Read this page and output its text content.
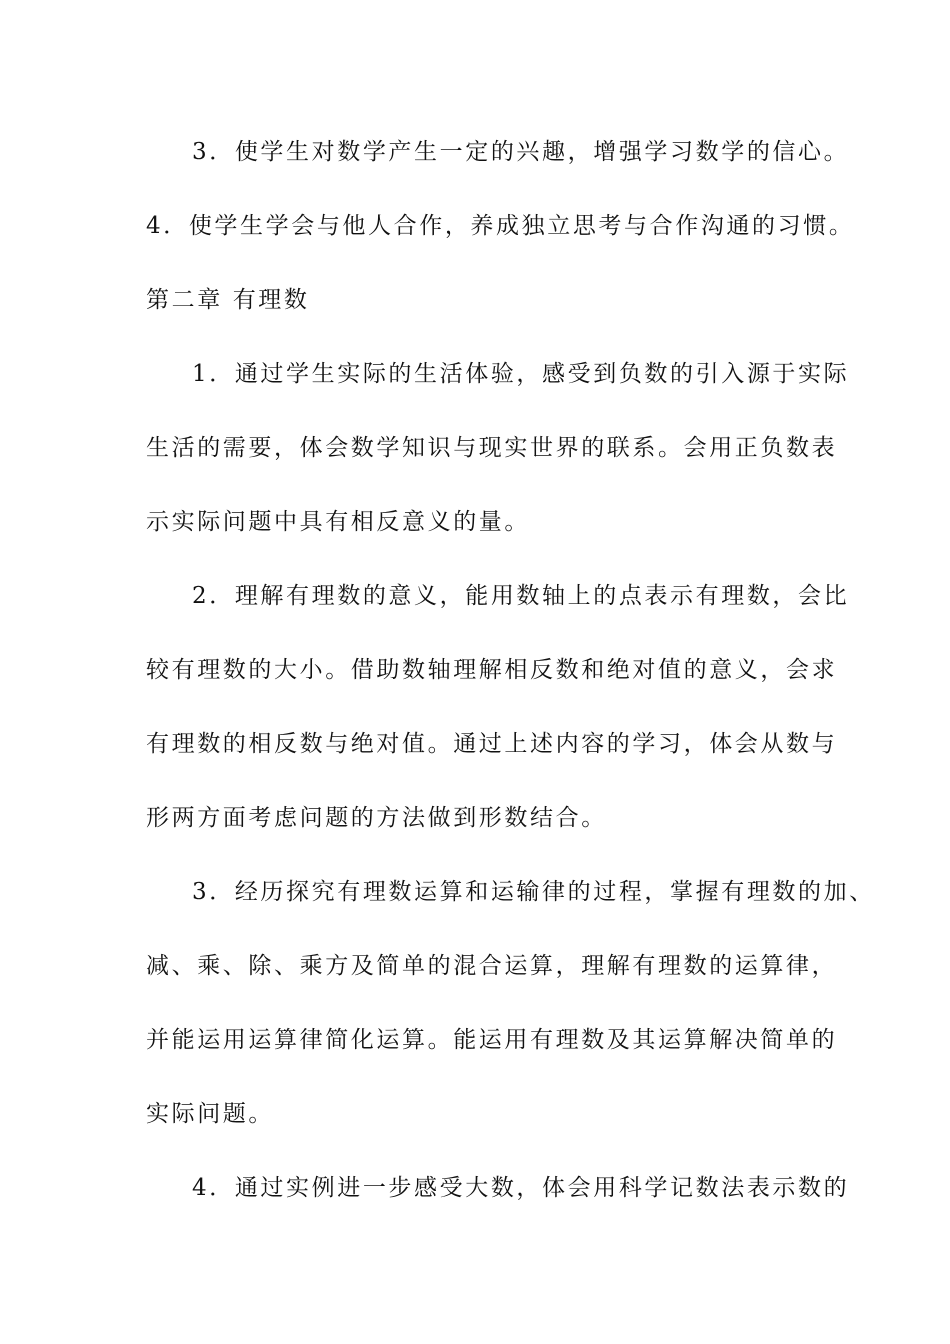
3．使学生对数学产生一定的兴趣，增强学习数学的信心。
4．使学生学会与他人合作，养成独立思考与合作沟通的习惯。
第二章 有理数
1．通过学生实际的生活体验，感受到负数的引入源于实际
生活的需要，体会数学知识与现实世界的联系。会用正负数表
示实际问题中具有相反意义的量。
2．理解有理数的意义，能用数轴上的点表示有理数，会比
较有理数的大小。借助数轴理解相反数和绝对值的意义，会求
有理数的相反数与绝对值。通过上述内容的学习，体会从数与
形两方面考虑问题的方法做到形数结合。
3．经历探究有理数运算和运输律的过程，掌握有理数的加、
减、乘、除、乘方及简单的混合运算，理解有理数的运算律，
并能运用运算律简化运算。能运用有理数及其运算解决简单的
实际问题。
4．通过实例进一步感受大数，体会用科学记数法表示数的
